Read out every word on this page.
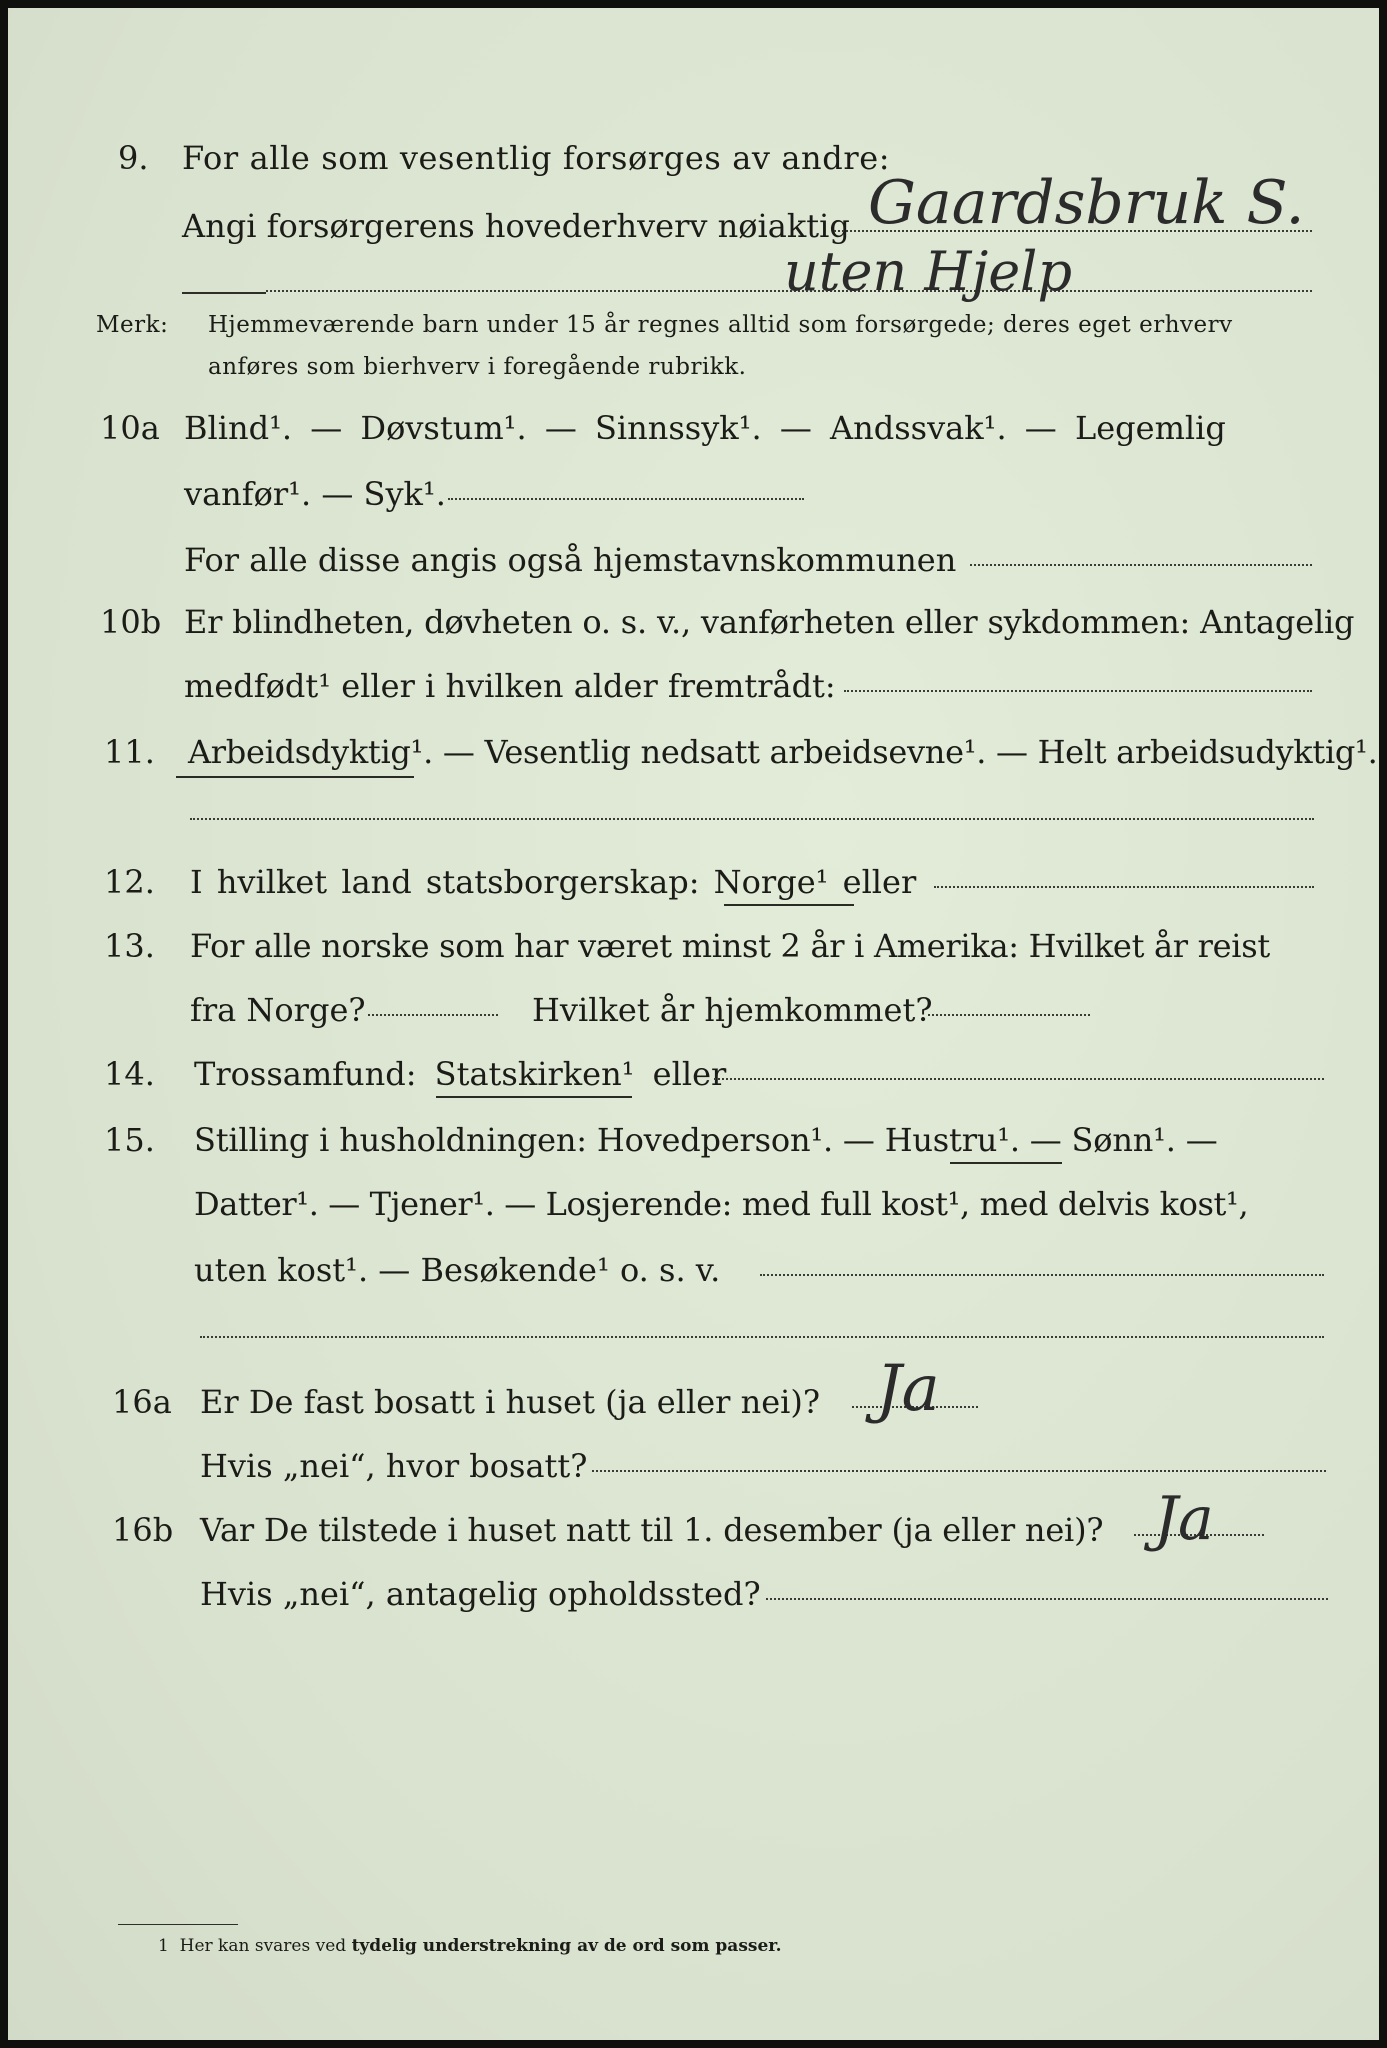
9. For alle som vesentlig forsørges av andre:
Angi forsørgerens hovederhverv nøiaktig Gaardsbruk S.
uten Hjelp
Merk: Hjemmeværende barn under 15 år regnes alltid som forsørgede; deres eget erhverv
anføres som bierhverv i foregående rubrikk.
10a Blind¹. — Døvstum¹. — Sinnssyk¹. — Andssvak¹. — Legemlig
vanfør¹. — Syk¹.
For alle disse angis også hjemstavnskommunen
10b Er blindheten, døvheten o. s. v., vanførheten eller sykdommen: Antagelig
medfødt¹ eller i hvilken alder fremtrådt:
11. Arbeidsdyktig¹. — Vesentlig nedsatt arbeidsevne¹. — Helt arbeidsudyktig¹.
12. I hvilket land statsborgerskap: Norge¹ eller
13. For alle norske som har været minst 2 år i Amerika: Hvilket år reist
fra Norge?	Hvilket år hjemkommet?
14. Trossamfund: Statskirken¹ eller
15. Stilling i husholdningen: Hovedperson¹. — Hustru¹. — Sønn¹. —
Datter¹. — Tjener¹. — Losjerende: med full kost¹, med delvis kost¹,
uten kost¹. — Besøkende¹ o. s. v.
16a Er De fast bosatt i huset (ja eller nei)? Ja
Hvis „nei“, hvor bosatt?
16b Var De tilstede i huset natt til 1. desember (ja eller nei)? Ja
Hvis „nei“, antagelig opholdssted?
1 Her kan svares ved tydelig understrekning av de ord som passer.
